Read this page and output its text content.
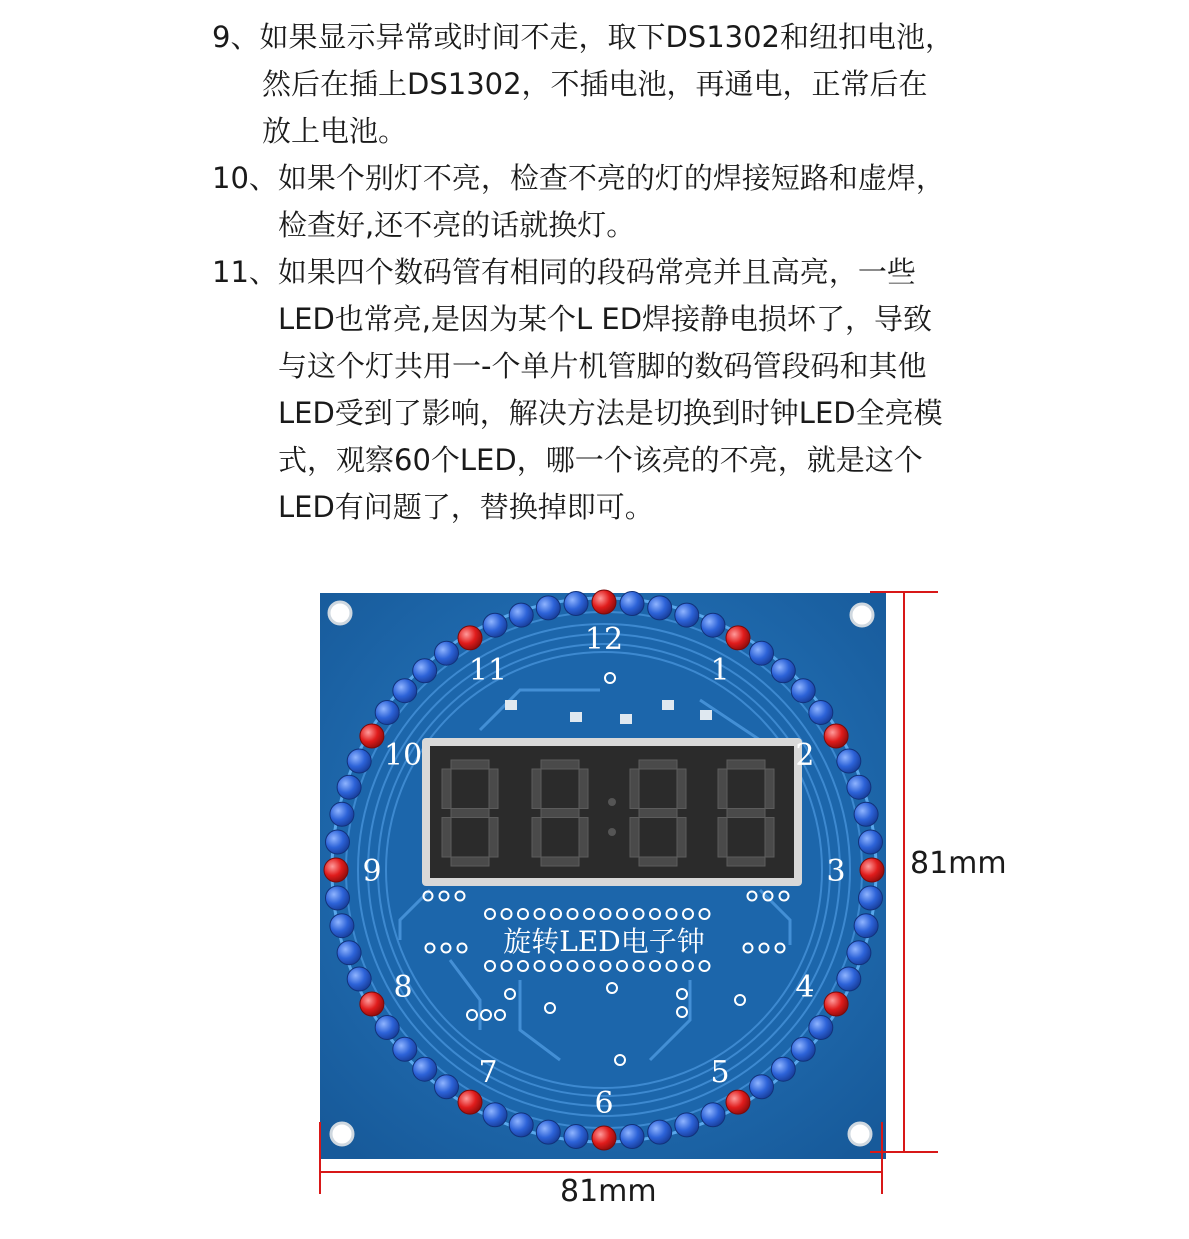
9、如果显示异常或时间不走，取下DS1302和纽扣电池，
然后在插上DS1302，不插电池，再通电，正常后在
放上电池。

10、如果个别灯不亮，检查不亮的灯的焊接短路和虚焊，
检查好,还不亮的话就换灯。

11、如果四个数码管有相同的段码常亮并且高亮，一些
LED也常亮,是因为某个L ED焊接静电损坏了，导致
与这个灯共用一-个单片机管脚的数码管段码和其他
LED受到了影响，解决方法是切换到时钟LED全亮模
式，观察60个LED，哪一个该亮的不亮，就是这个
LED有问题了，替换掉即可。

12
1
2
3
4
5
6
7
8
9
10
11
旋转LED电子钟
81mm
81mm
